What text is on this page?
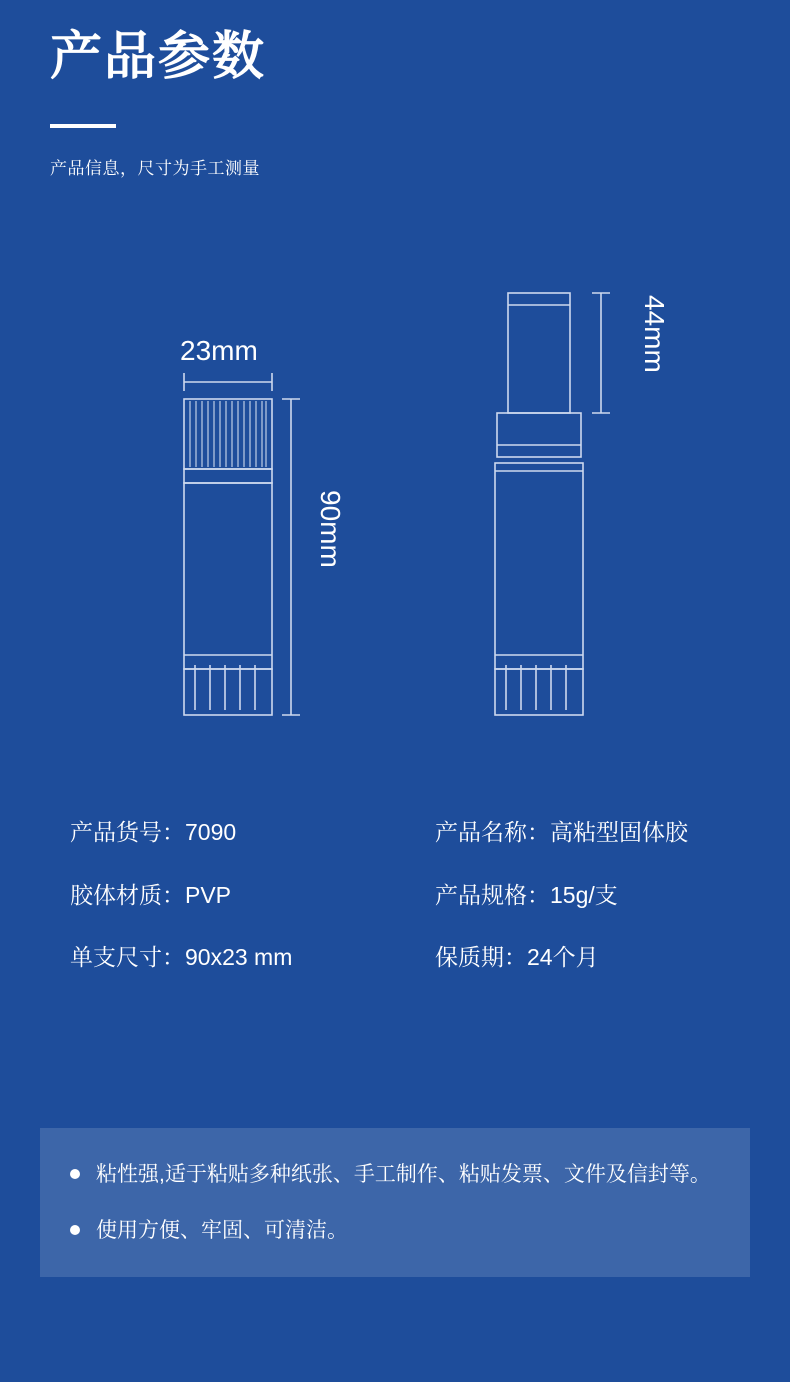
产品参数
产品信息，尺寸为手工测量
23mm
90mm
44mm
产品货号：7090	产品名称：高粘型固体胶
胶体材质：PVP	产品规格：15g/支
单支尺寸：90x23 mm	保质期：24个月
粘性强,适于粘贴多种纸张、手工制作、粘贴发票、文件及信封等。
使用方便、牢固、可清洁。
